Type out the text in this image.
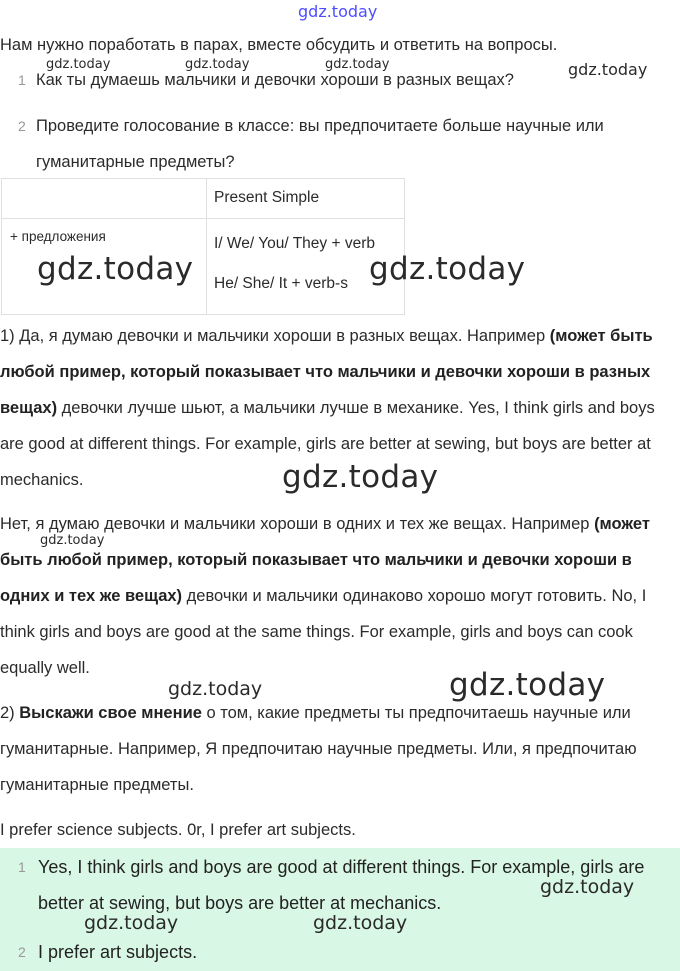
gdz.today
Нам нужно поработать в парах, вместе обсудить и ответить на вопросы.
1 Как ты думаешь мальчики и девочки хороши в разных вещах?
2 Проведите голосование в классе: вы предпочитаете больше научные или гуманитарные предметы?
gdz.today	gdz.today	gdz.today	gdz.today

	Present Simple

+ предложения	I/ We/ You/ They + verb
He/ She/ It + verb-s
gdz.today	gdz.today
1) Да, я думаю девочки и мальчики хороши в разных вещах. Например (может быть любой пример, который показывает что мальчики и девочки хороши в разных вещах) девочки лучше шьют, а мальчики лучше в механике. Yes, I think girls and boys are good at different things. For example, girls are better at sewing, but boys are better at mechanics.	gdz.today
Нет, я думаю девочки и мальчики хороши в одних и тех же вещах. Например (может быть любой пример, который показывает что мальчики и девочки хороши в одних и тех же вещах) девочки и мальчики одинаково хорошо могут готовить. No, I think girls and boys are good at the same things. For example, girls and boys can cook equally well.
gdz.today
gdz.today	gdz.today
2) Выскажи свое мнение о том, какие предметы ты предпочитаешь научные или гуманитарные. Например, Я предпочитаю научные предметы. Или, я предпочитаю гуманитарные предметы.
I prefer science subjects. 0r, I prefer art subjects.
1 Yes, I think girls and boys are good at different things. For example, girls are better at sewing, but boys are better at mechanics.
2 I prefer art subjects.
gdz.today
gdz.today	gdz.today
